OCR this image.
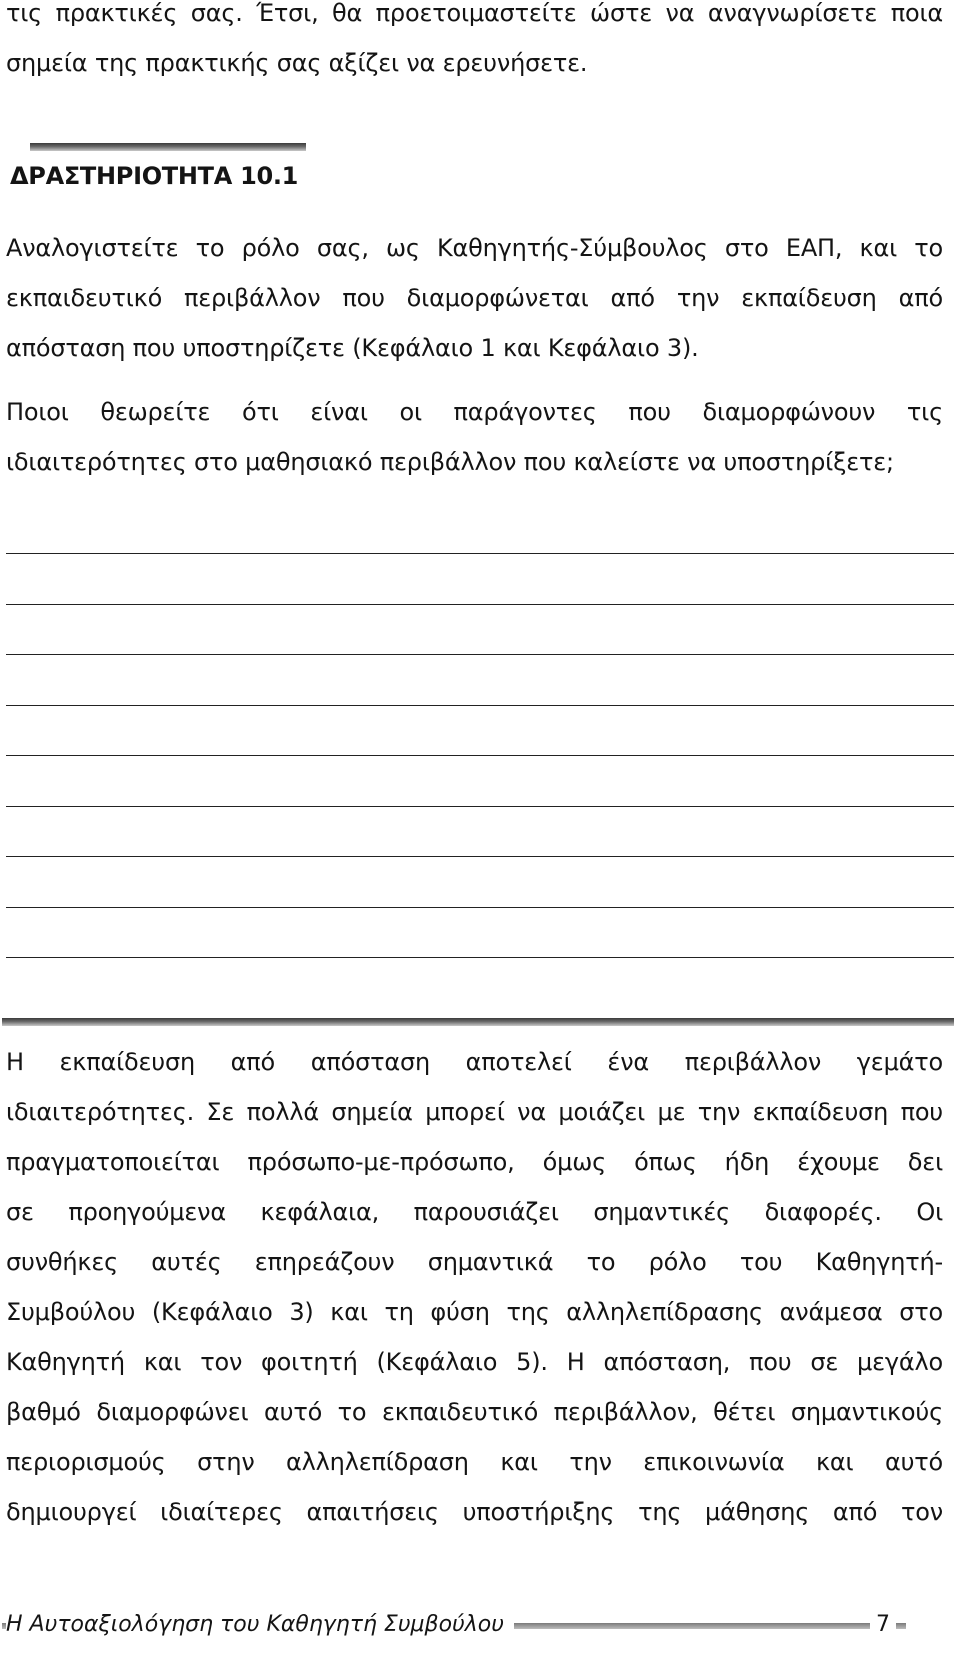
τις πρακτικές σας. Έτσι, θα προετοιμαστείτε ώστε να αναγνωρίσετε ποια
σημεία της πρακτικής σας αξίζει να ερευνήσετε.
ΔΡΑΣΤΗΡΙΟΤΗΤΑ 10.1
Αναλογιστείτε το ρόλο σας, ως Καθηγητής-Σύμβουλος στο ΕΑΠ, και το
εκπαιδευτικό περιβάλλον που διαμορφώνεται από την εκπαίδευση από
απόσταση που υποστηρίζετε (Κεφάλαιο 1 και Κεφάλαιο 3).
Ποιοι θεωρείτε ότι είναι οι παράγοντες που διαμορφώνουν τις
ιδιαιτερότητες στο μαθησιακό περιβάλλον που καλείστε να υποστηρίξετε;
Η εκπαίδευση από απόσταση αποτελεί ένα περιβάλλον γεμάτο
ιδιαιτερότητες. Σε πολλά σημεία μπορεί να μοιάζει με την εκπαίδευση που
πραγματοποιείται πρόσωπο-με-πρόσωπο, όμως όπως ήδη έχουμε δει
σε προηγούμενα κεφάλαια, παρουσιάζει σημαντικές διαφορές. Οι
συνθήκες αυτές επηρεάζουν σημαντικά το ρόλο του Καθηγητή-
Συμβούλου (Κεφάλαιο 3) και τη φύση της αλληλεπίδρασης ανάμεσα στο
Καθηγητή και τον φοιτητή (Κεφάλαιο 5). Η απόσταση, που σε μεγάλο
βαθμό διαμορφώνει αυτό το εκπαιδευτικό περιβάλλον, θέτει σημαντικούς
περιορισμούς στην αλληλεπίδραση και την επικοινωνία και αυτό
δημιουργεί ιδιαίτερες απαιτήσεις υποστήριξης της μάθησης από τον

Η Αυτοαξιολόγηση του Καθηγητή Συμβούλου	7
